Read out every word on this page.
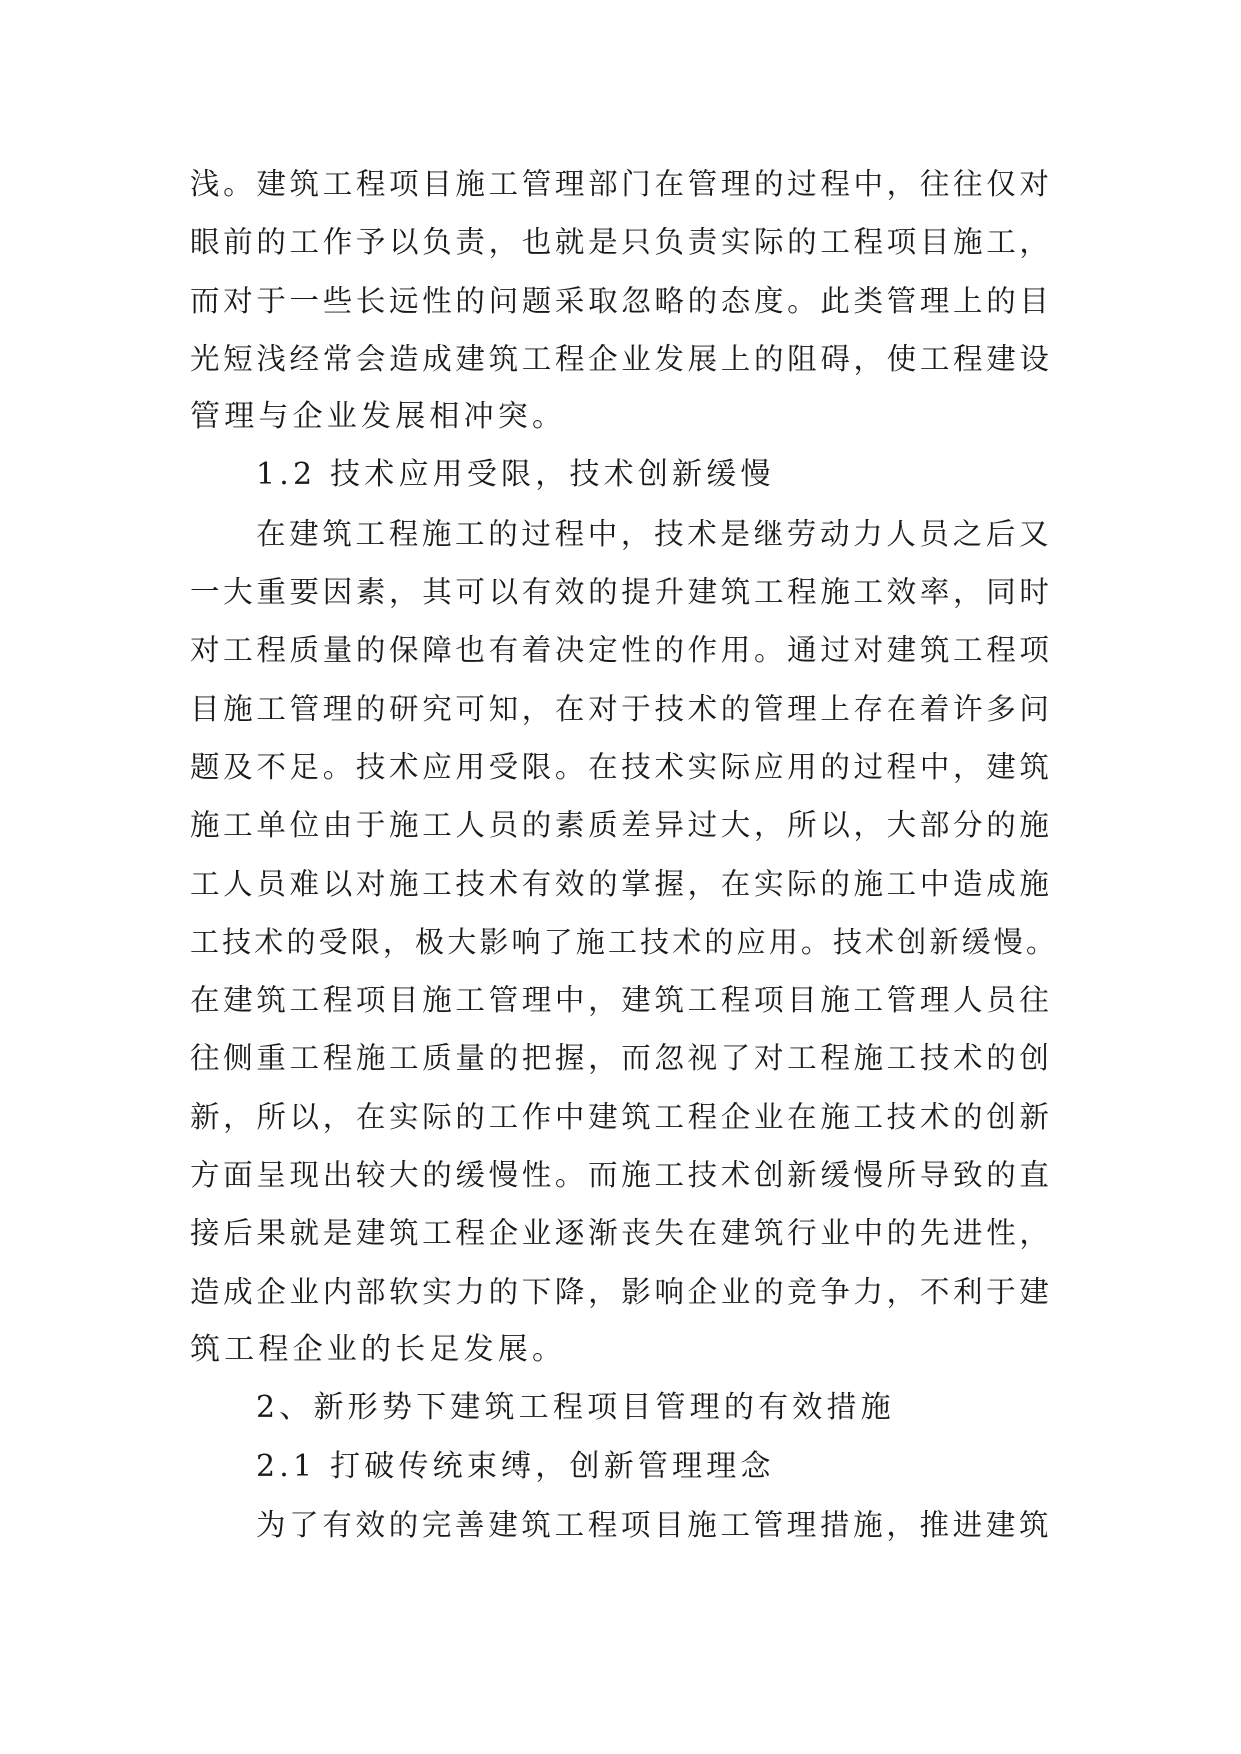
浅。建筑工程项目施工管理部门在管理的过程中，往往仅对
眼前的工作予以负责，也就是只负责实际的工程项目施工，
而对于一些长远性的问题采取忽略的态度。此类管理上的目
光短浅经常会造成建筑工程企业发展上的阻碍，使工程建设
管理与企业发展相冲突。
1.2 技术应用受限，技术创新缓慢
在建筑工程施工的过程中，技术是继劳动力人员之后又
一大重要因素，其可以有效的提升建筑工程施工效率，同时
对工程质量的保障也有着决定性的作用。通过对建筑工程项
目施工管理的研究可知，在对于技术的管理上存在着许多问
题及不足。技术应用受限。在技术实际应用的过程中，建筑
施工单位由于施工人员的素质差异过大，所以，大部分的施
工人员难以对施工技术有效的掌握，在实际的施工中造成施
工技术的受限，极大影响了施工技术的应用。技术创新缓慢。
在建筑工程项目施工管理中，建筑工程项目施工管理人员往
往侧重工程施工质量的把握，而忽视了对工程施工技术的创
新，所以，在实际的工作中建筑工程企业在施工技术的创新
方面呈现出较大的缓慢性。而施工技术创新缓慢所导致的直
接后果就是建筑工程企业逐渐丧失在建筑行业中的先进性，
造成企业内部软实力的下降，影响企业的竞争力，不利于建
筑工程企业的长足发展。
2、新形势下建筑工程项目管理的有效措施
2.1 打破传统束缚，创新管理理念
为了有效的完善建筑工程项目施工管理措施，推进建筑
